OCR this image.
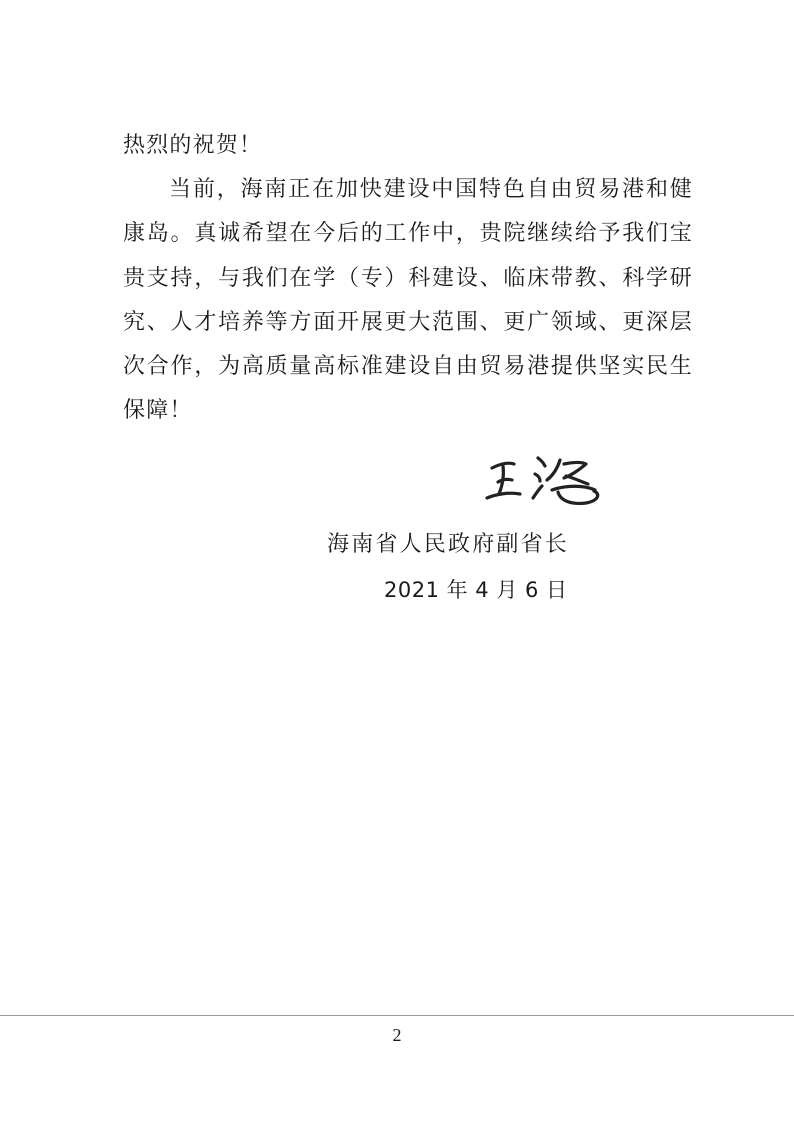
热烈的祝贺！

当前，海南正在加快建设中国特色自由贸易港和健康岛。真诚希望在今后的工作中，贵院继续给予我们宝贵支持，与我们在学（专）科建设、临床带教、科学研究、人才培养等方面开展更大范围、更广领域、更深层次合作，为高质量高标准建设自由贸易港提供坚实民生保障！

海南省人民政府副省长
2021 年 4 月 6 日
2
